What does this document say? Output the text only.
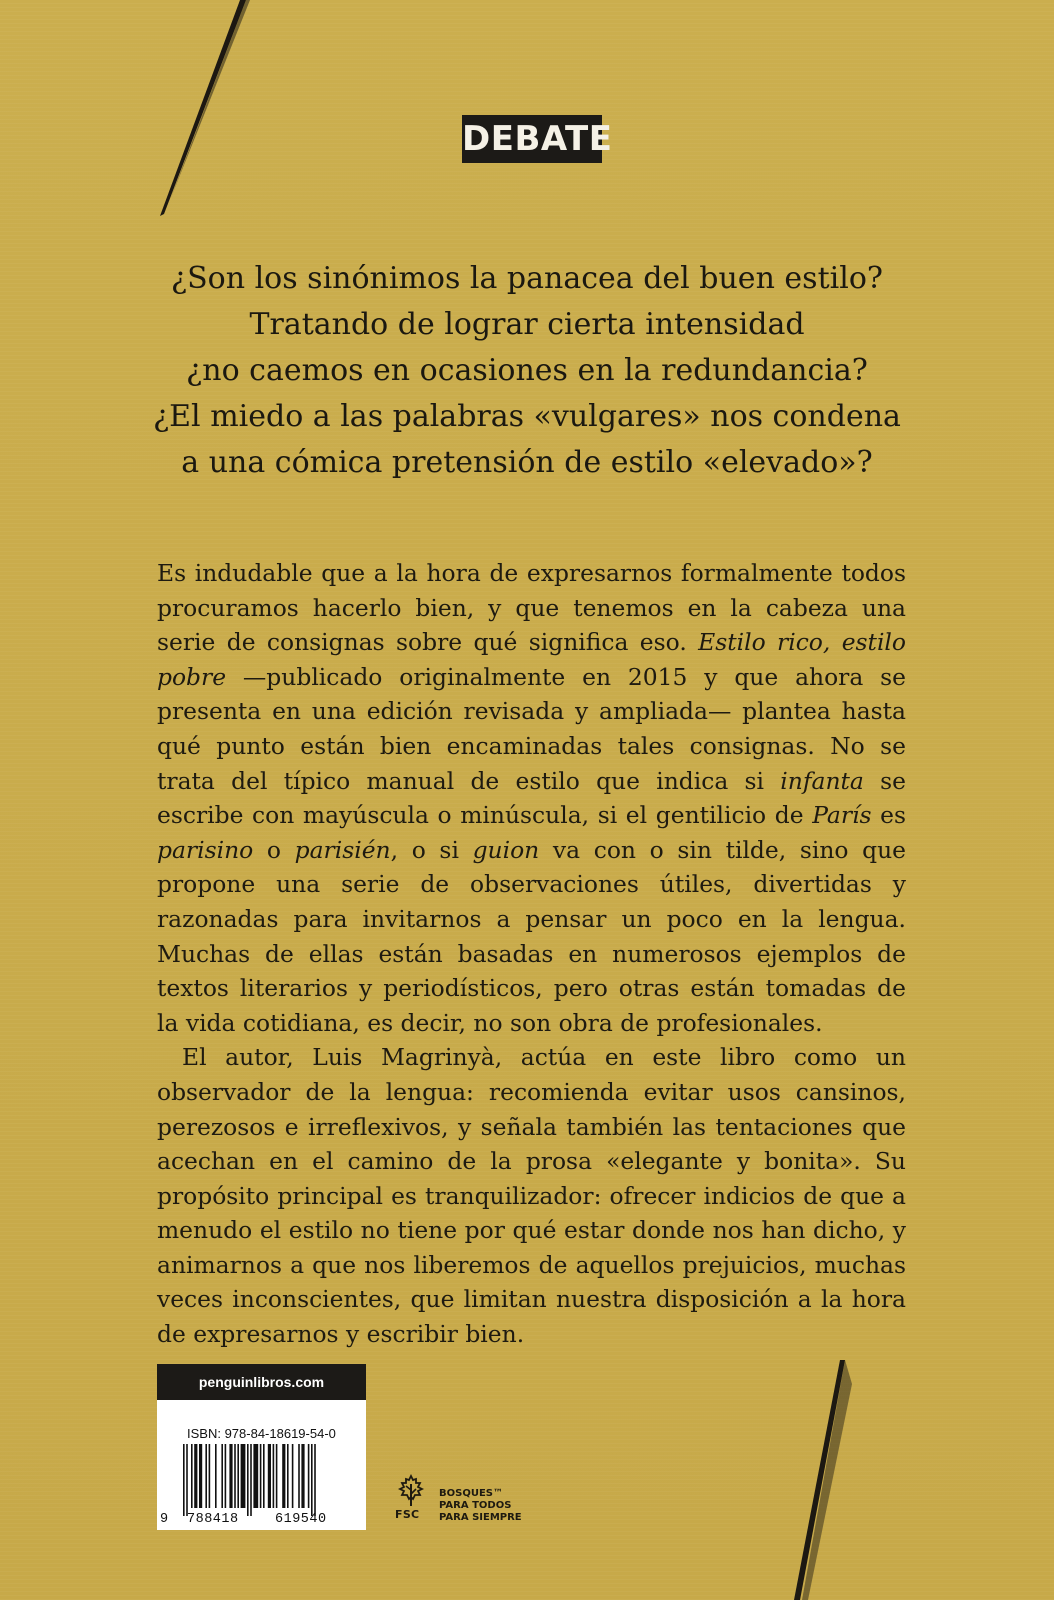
DEBATE
¿Son los sinónimos la panacea del buen estilo?
Tratando de lograr cierta intensidad
¿no caemos en ocasiones en la redundancia?
¿El miedo a las palabras «vulgares» nos condena
a una cómica pretensión de estilo «elevado»?

Es indudable que a la hora de expresarnos formalmente todos procuramos hacerlo bien, y que tenemos en la cabeza una serie de consignas sobre qué significa eso. Estilo rico, estilo pobre —publicado originalmente en 2015 y que ahora se presenta en una edición revisada y ampliada— plantea hasta qué punto están bien encaminadas tales consignas. No se trata del típico manual de estilo que indica si infanta se escribe con mayúscula o minúscula, si el gentilicio de París es parisino o parisién, o si guion va con o sin tilde, sino que propone una serie de observaciones útiles, divertidas y razonadas para invitarnos a pensar un poco en la lengua. Muchas de ellas están basadas en numerosos ejemplos de textos literarios y periodísticos, pero otras están tomadas de la vida cotidiana, es decir, no son obra de profesionales.

El autor, Luis Magrinyà, actúa en este libro como un observador de la lengua: recomienda evitar usos cansinos, perezosos e irreflexivos, y señala también las tentaciones que acechan en el camino de la prosa «elegante y bonita». Su propósito principal es tranquilizador: ofrecer indicios de que a menudo el estilo no tiene por qué estar donde nos han dicho, y animarnos a que nos liberemos de aquellos prejuicios, muchas veces inconscientes, que limitan nuestra disposición a la hora de expresarnos y escribir bien.

penguinlibros.com
ISBN: 978-84-18619-54-0
9 788418	619540	FSC
BOSQUES™
PARA TODOS
PARA SIEMPRE
